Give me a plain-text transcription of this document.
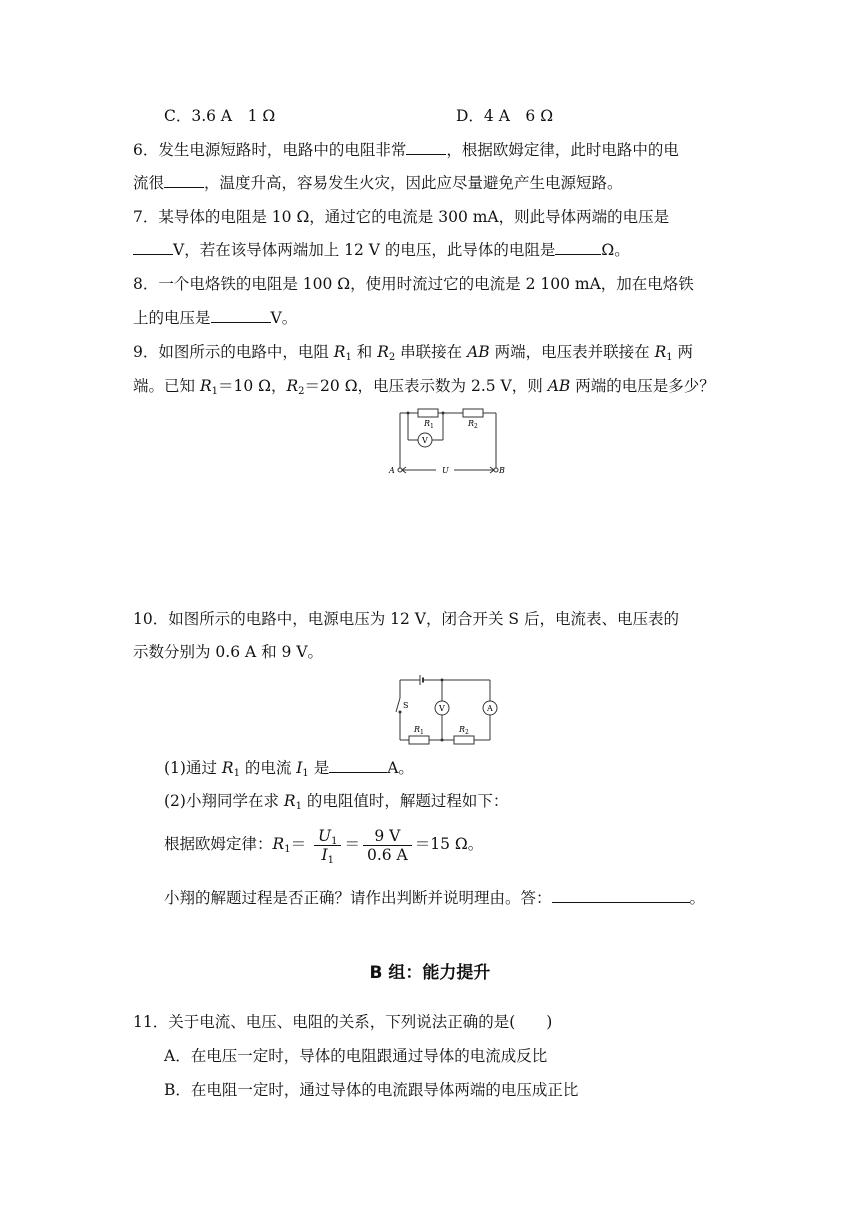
C．3.6 A　1 Ω	D．4 A　6 Ω
6．发生电源短路时，电路中的电阻非常	，根据欧姆定律，此时电路中的电
流很	，温度升高，容易发生火灾，因此应尽量避免产生电源短路。
7．某导体的电阻是 10 Ω，通过它的电流是 300 mA，则此导体两端的电压是
V，若在该导体两端加上 12 V 的电压，此导体的电阻是	Ω。
8．一个电烙铁的电阻是 100 Ω，使用时流过它的电流是 2 100 mA，加在电烙铁
上的电压是	V。
9．如图所示的电路中，电阻 $R_1$ 和 $R_2$ 串联接在 AB 两端，电压表并联接在 $R_1$ 两
端。已知 $R_1=10$ Ω，$R_2=20$ Ω，电压表示数为 2.5 V，则 AB 两端的电压是多少？
$R_1$	$R_2$
V
A	U	B
10．如图所示的电路中，电源电压为 12 V，闭合开关 S 后，电流表、电压表的
示数分别为 0.6 A 和 9 V。
S	V	A
$R_1$	$R_2$
(1)通过 $R_1$ 的电流 $I_1$ 是	A。
(2)小翔同学在求 $R_1$ 的电阻值时，解题过程如下：
根据欧姆定律：$R_1= \frac{U_1}{I_1} = \frac{9 V}{0.6 A} =15$ Ω。
小翔的解题过程是否正确？请作出判断并说明理由。答：	。
B 组：能力提升
11．关于电流、电压、电阻的关系，下列说法正确的是(　　)
A．在电压一定时，导体的电阻跟通过导体的电流成反比
B．在电阻一定时，通过导体的电流跟导体两端的电压成正比
